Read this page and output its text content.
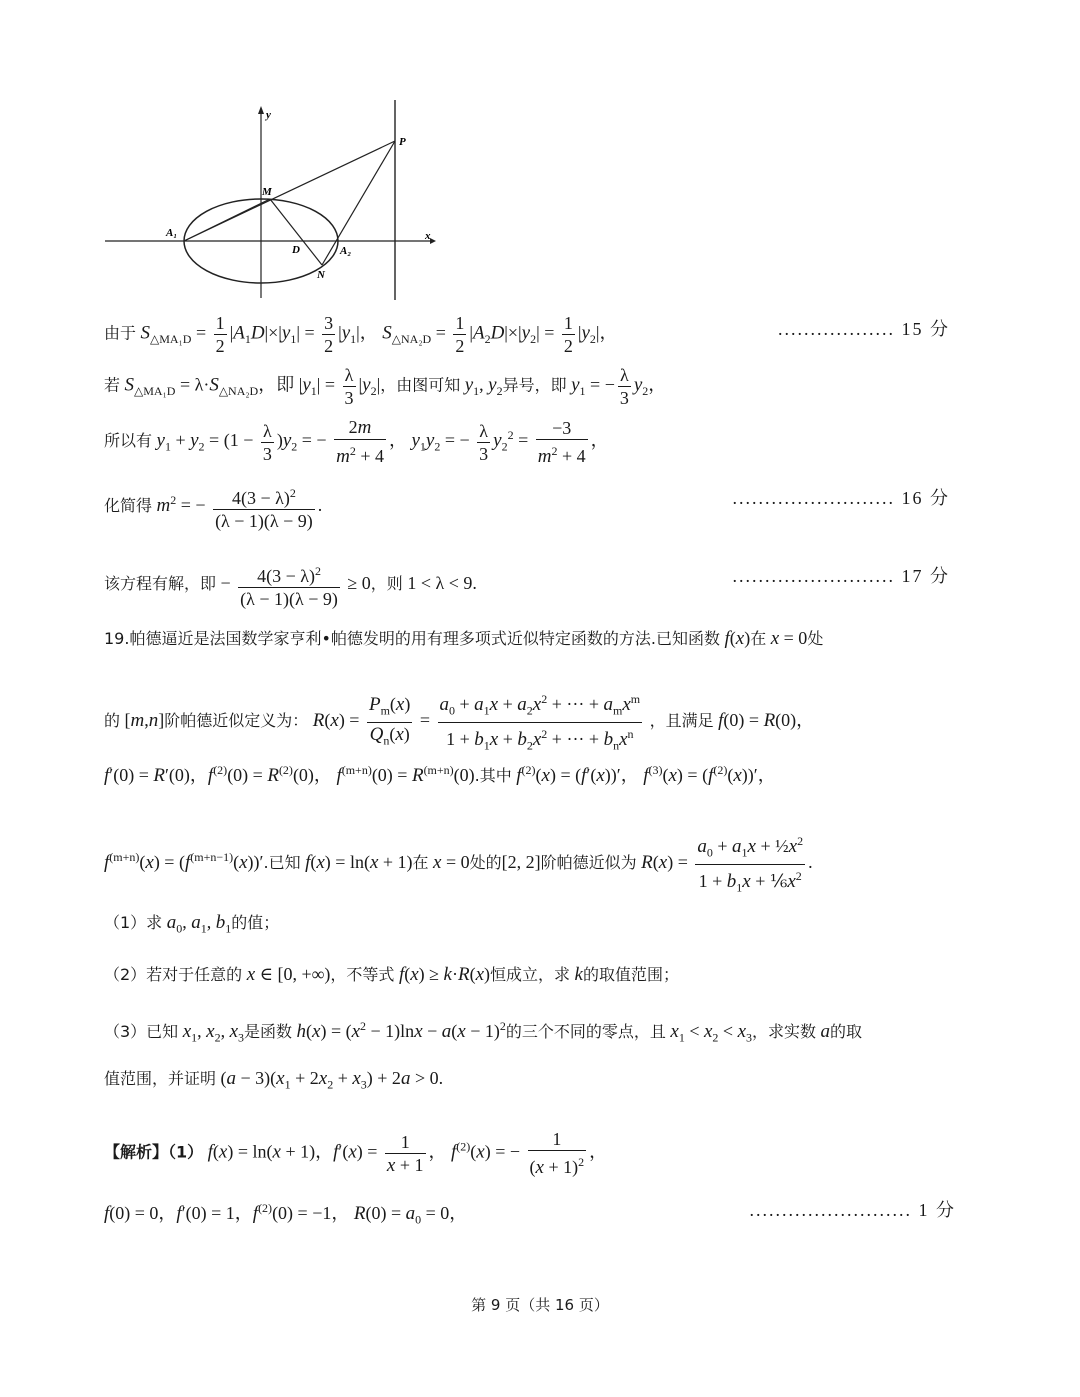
y
x
P
M
A₁
D	A₂
N
由于 $S_{\triangle MA_1D} = \frac{1}{2} |A_1D|\times|y_1| = \frac{3}{2} |y_1|$， $S_{\triangle NA_2D} = \frac{1}{2} |A_2D|\times|y_2| = \frac{1}{2} |y_2|$，	.................. 15 分
若 $S_{\triangle MA_1D} = \lambda\cdot S_{\triangle NA_2D}$，即 $|y_1| = \frac{\lambda}{3} |y_2|$，由图可知 $y_1$, $y_2$异号，即 $y_1$ = − $\frac{\lambda}{3} y_2$，
所以有 $y_1 + y_2 = (1 - \frac{\lambda}{3} )y_2$ = − $\frac{2m}{m^2 + 4}$ ， $y_1y_2$ = − $\frac{\lambda}{3} y_2^2 = \frac{-3}{m^2 + 4}$ ，
化简得 $m^2$ = − $\frac{4(3 - \lambda)^2}{(\lambda - 1)(\lambda - 9)}$ .	......................... 16 分
该方程有解，即 − $\frac{4(3 - \lambda)^2}{(\lambda - 1)(\lambda - 9)} \ge 0$，则 1 < λ < 9.	......................... 17 分
19.帕德逼近是法国数学家亨利•帕德发明的用有理多项式近似特定函数的方法.已知函数 f(x)在 x = 0处
的 [m,n]阶帕德近似定义为： $R(x) = \frac{P_m(x)}{Q_n(x)} = \frac{a_0 + a_1x + a_2x^2 + \cdot\cdot\cdot + a_mx^m}{1 + b_1x + b_2x^2 + \cdot\cdot\cdot + b_nx^n}$ ，且满足 f(0) = R(0)，
f′(0) = R′(0)，$f^{(2)}(0) = R^{(2)}(0)$， $f^{(m+n)}(0) = R^{(m+n)}(0)$.其中 $f^{(2)}(x) = (f'(x))'$， $f^{(3)}(x) = (f^{(2)}(x))'$，
$f^{(m+n)}(x) = (f^{(m+n-1)}(x))'$.已知 f(x) = ln(x + 1)在 x = 0处的[2, 2]阶帕德近似为 $R(x) = \frac{a_0 + a_1x + \frac{1}{2}x^2}{1 + b_1x + \frac{1}{6}x^2}$ .
（1）求 $a_0$, $a_1$, $b_1$的值；
（2）若对于任意的 x ∈ [0, +∞)，不等式 f(x) ≥ k·R(x)恒成立，求 k的取值范围；
（3）已知 $x_1$, $x_2$, $x_3$是函数 $h(x) = (x^2 - 1)\ln x - a(x - 1)^2$的三个不同的零点，且 $x_1 < x_2 < x_3$，求实数 a的取
值范围，并证明 $(a - 3)(x_1 + 2x_2 + x_3) + 2a > 0$.
【解析】（1） f(x) = ln(x + 1)，$f'(x) = \frac{1}{x + 1}$ ， $f^{(2)}(x)$ = − $\frac{1}{(x + 1)^2}$ ，
f(0) = 0，f′(0) = 1，$f^{(2)}(0) = -1$， $R(0) = a_0 = 0$，	......................... 1 分
第 9 页（共 16 页）
